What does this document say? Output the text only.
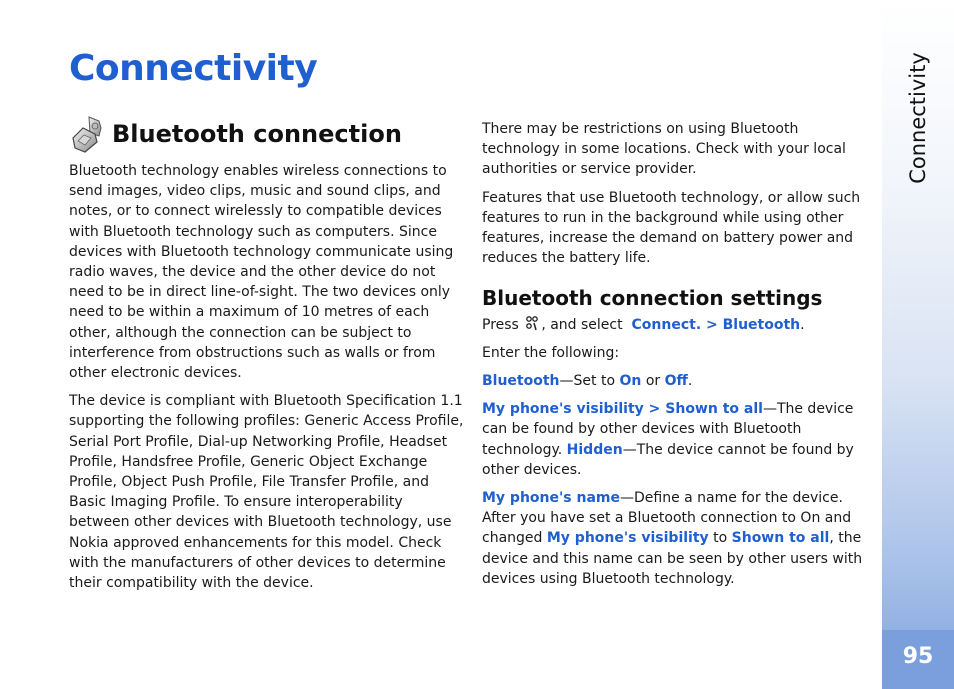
Connectivity
Bluetooth connection

Bluetooth technology enables wireless connections to send images, video clips, music and sound clips, and notes, or to connect wirelessly to compatible devices with Bluetooth technology such as computers. Since devices with Bluetooth technology communicate using radio waves, the device and the other device do not need to be in direct line-of-sight. The two devices only need to be within a maximum of 10 metres of each other, although the connection can be subject to interference from obstructions such as walls or from other electronic devices.

The device is compliant with Bluetooth Specification 1.1 supporting the following profiles: Generic Access Profile, Serial Port Profile, Dial-up Networking Profile, Headset Profile, Handsfree Profile, Generic Object Exchange Profile, Object Push Profile, File Transfer Profile, and Basic Imaging Profile. To ensure interoperability between other devices with Bluetooth technology, use Nokia approved enhancements for this model. Check with the manufacturers of other devices to determine their compatibility with the device.

There may be restrictions on using Bluetooth technology in some locations. Check with your local authorities or service provider.

Features that use Bluetooth technology, or allow such features to run in the background while using other features, increase the demand on battery power and reduces the battery life.

Bluetooth connection settings

Press , and select Connect. > Bluetooth.

Enter the following:

Bluetooth—Set to On or Off.

My phone's visibility > Shown to all—The device can be found by other devices with Bluetooth technology. Hidden—The device cannot be found by other devices.

My phone's name—Define a name for the device. After you have set a Bluetooth connection to On and changed My phone's visibility to Shown to all, the device and this name can be seen by other users with devices using Bluetooth technology.

Connectivity
95
